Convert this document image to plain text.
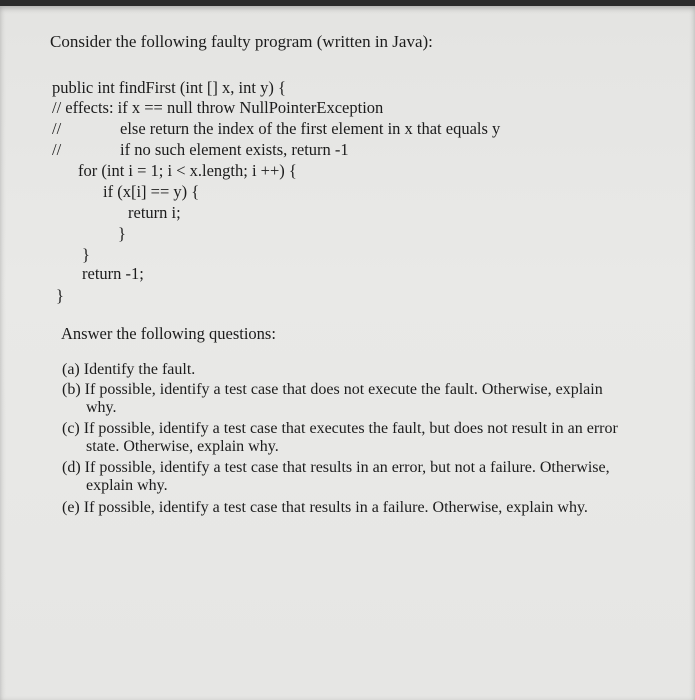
Consider the following faulty program (written in Java):
public int findFirst (int [] x, int y) {
// effects: if x == null throw NullPointerException
//	else return the index of the first element in x that equals y
//	if no such element exists, return -1
for (int i = 1; i < x.length; i ++) {
if (x[i] == y) {
return i;
}
}
return -1;
}
Answer the following questions:
(a) Identify the fault.
(b) If possible, identify a test case that does not execute the fault. Otherwise, explain
why.
(c) If possible, identify a test case that executes the fault, but does not result in an error
state. Otherwise, explain why.
(d) If possible, identify a test case that results in an error, but not a failure. Otherwise,
explain why.
(e) If possible, identify a test case that results in a failure. Otherwise, explain why.
